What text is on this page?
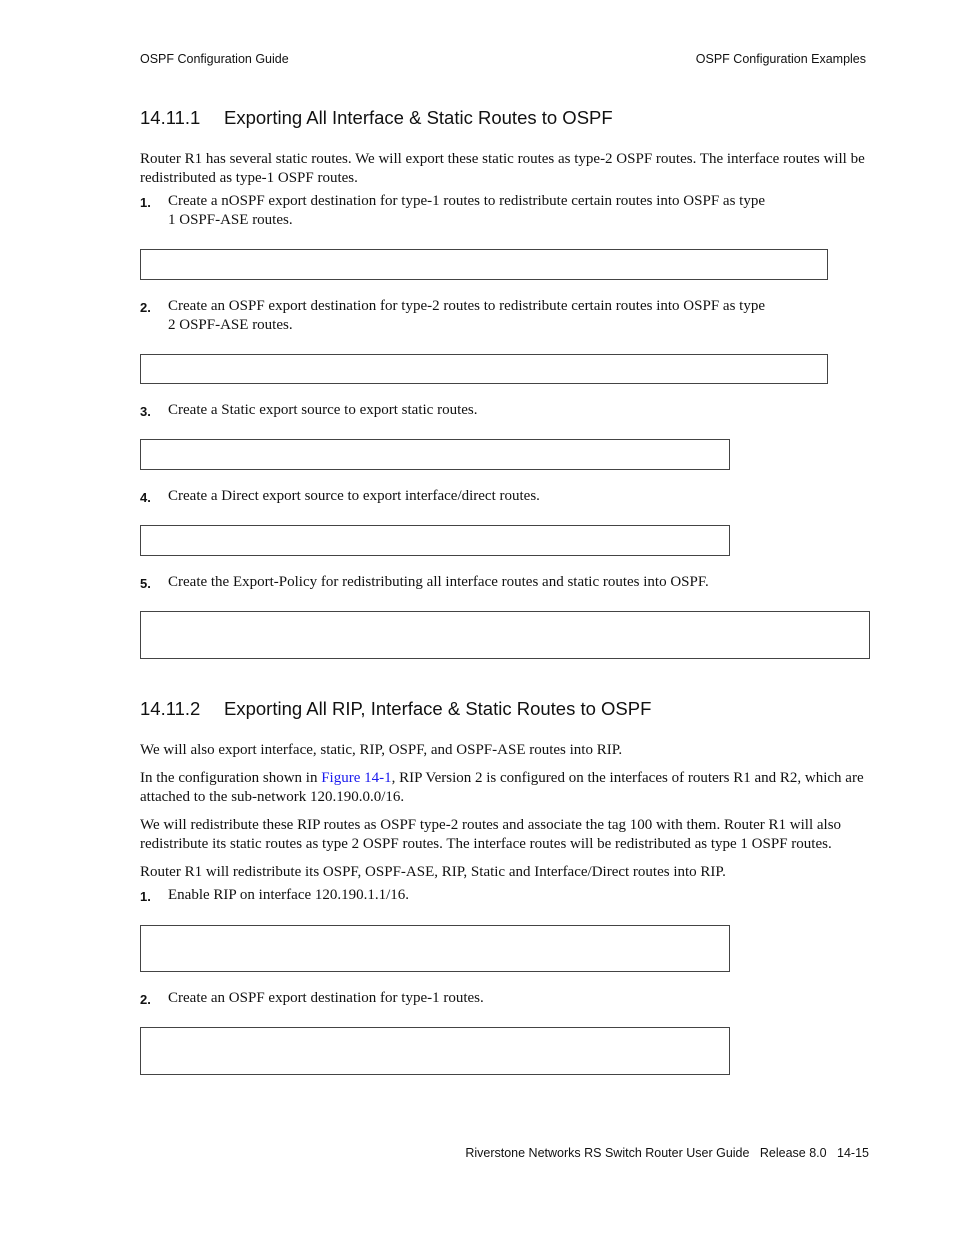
OSPF Configuration Guide	OSPF Configuration Examples
14.11.1 Exporting All Interface & Static Routes to OSPF
Router R1 has several static routes. We will export these static routes as type-2 OSPF routes. The interface routes will be redistributed as type-1 OSPF routes.
1. Create a nOSPF export destination for type-1 routes to redistribute certain routes into OSPF as type
1 OSPF-ASE routes.
2. Create an OSPF export destination for type-2 routes to redistribute certain routes into OSPF as type
2 OSPF-ASE routes.
3. Create a Static export source to export static routes.
4. Create a Direct export source to export interface/direct routes.
5. Create the Export-Policy for redistributing all interface routes and static routes into OSPF.
14.11.2 Exporting All RIP, Interface & Static Routes to OSPF
We will also export interface, static, RIP, OSPF, and OSPF-ASE routes into RIP.
In the configuration shown in Figure 14-1, RIP Version 2 is configured on the interfaces of routers R1 and R2, which are attached to the sub-network 120.190.0.0/16.
We will redistribute these RIP routes as OSPF type-2 routes and associate the tag 100 with them. Router R1 will also redistribute its static routes as type 2 OSPF routes. The interface routes will be redistributed as type 1 OSPF routes.
Router R1 will redistribute its OSPF, OSPF-ASE, RIP, Static and Interface/Direct routes into RIP.
1. Enable RIP on interface 120.190.1.1/16.
2. Create an OSPF export destination for type-1 routes.
Riverstone Networks RS Switch Router User Guide Release 8.0 14-15
